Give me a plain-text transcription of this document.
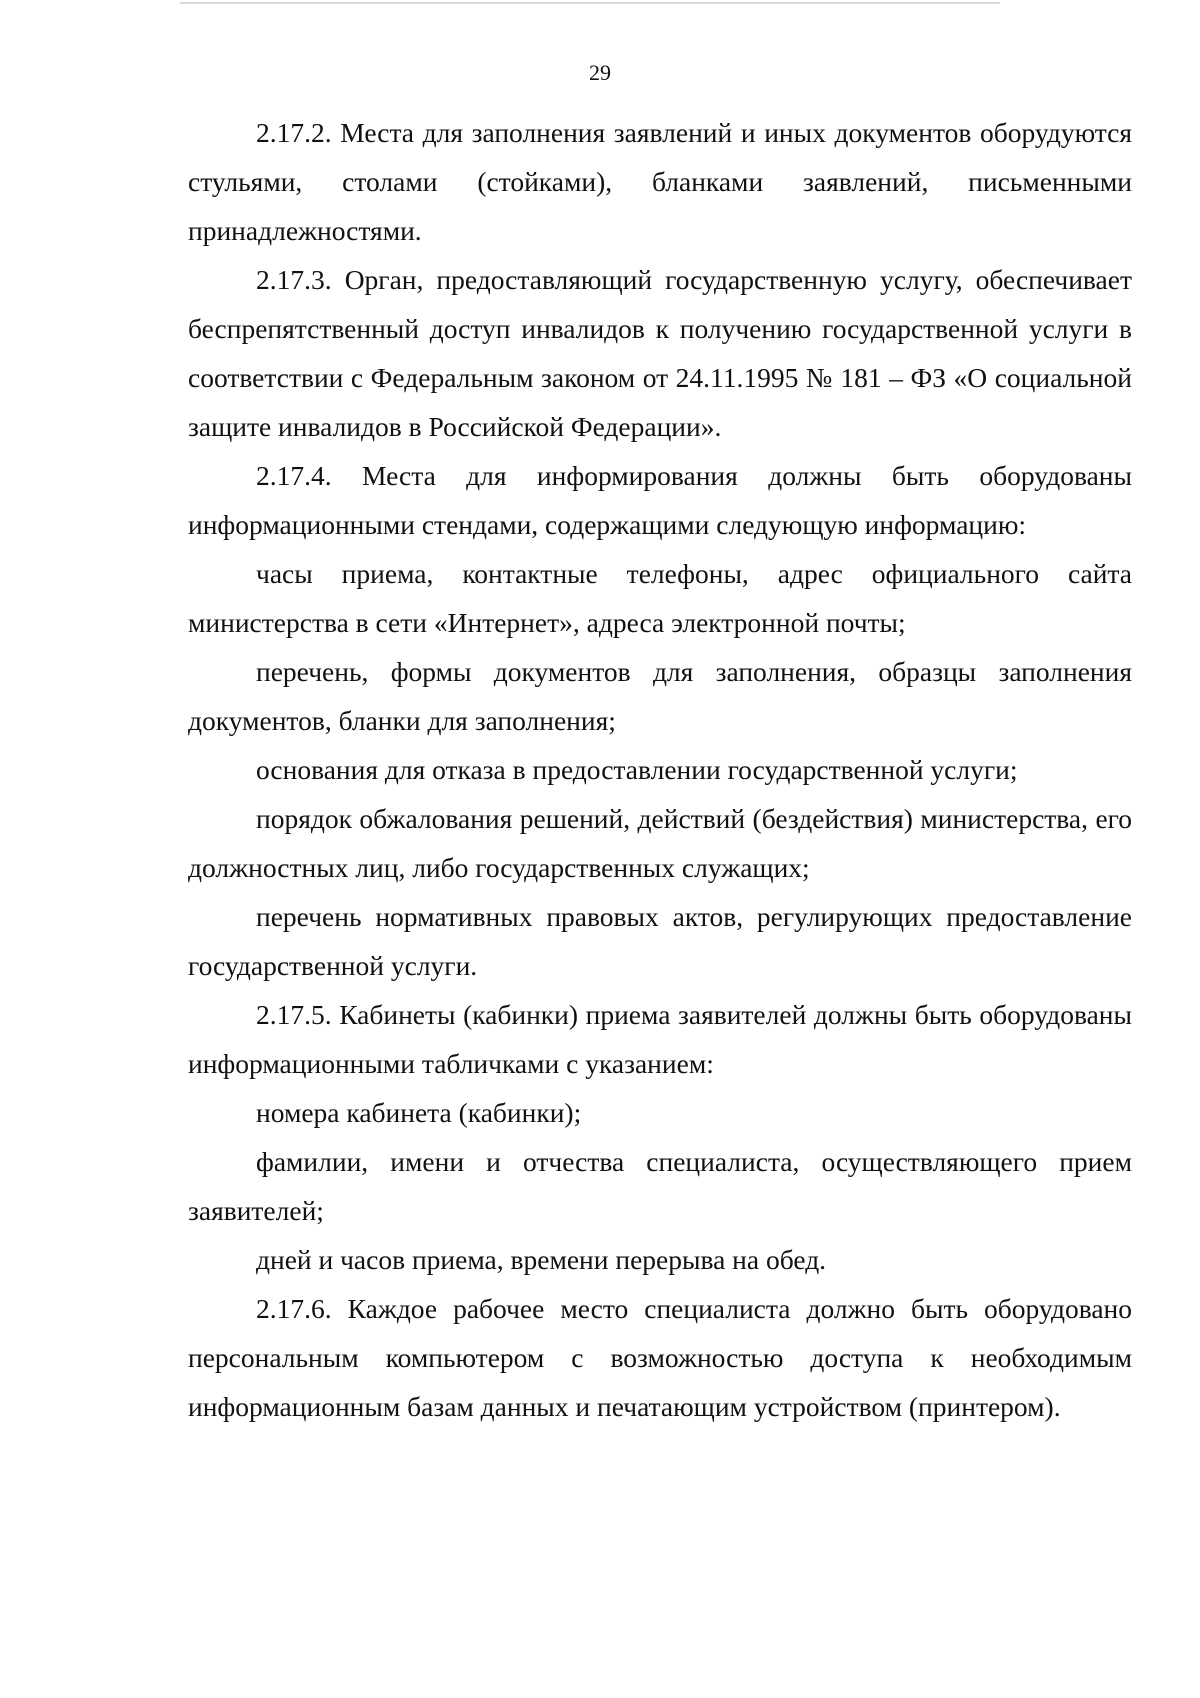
29

2.17.2. Места для заполнения заявлений и иных документов оборудуются стульями, столами (стойками), бланками заявлений, письменными принадлежностями.

2.17.3. Орган, предоставляющий государственную услугу, обеспечивает беспрепятственный доступ инвалидов к получению государственной услуги в соответствии с Федеральным законом от 24.11.1995 № 181 – ФЗ «О социальной защите инвалидов в Российской Федерации».

2.17.4. Места для информирования должны быть оборудованы информационными стендами, содержащими следующую информацию:

часы приема, контактные телефоны, адрес официального сайта министерства в сети «Интернет», адреса электронной почты;

перечень, формы документов для заполнения, образцы заполнения документов, бланки для заполнения;

основания для отказа в предоставлении государственной услуги;

порядок обжалования решений, действий (бездействия) министерства, его должностных лиц, либо государственных служащих;

перечень нормативных правовых актов, регулирующих предоставление государственной услуги.

2.17.5. Кабинеты (кабинки) приема заявителей должны быть оборудованы информационными табличками с указанием:

номера кабинета (кабинки);

фамилии, имени и отчества специалиста, осуществляющего прием заявителей;

дней и часов приема, времени перерыва на обед.

2.17.6. Каждое рабочее место специалиста должно быть оборудовано персональным компьютером с возможностью доступа к необходимым информационным базам данных и печатающим устройством (принтером).
